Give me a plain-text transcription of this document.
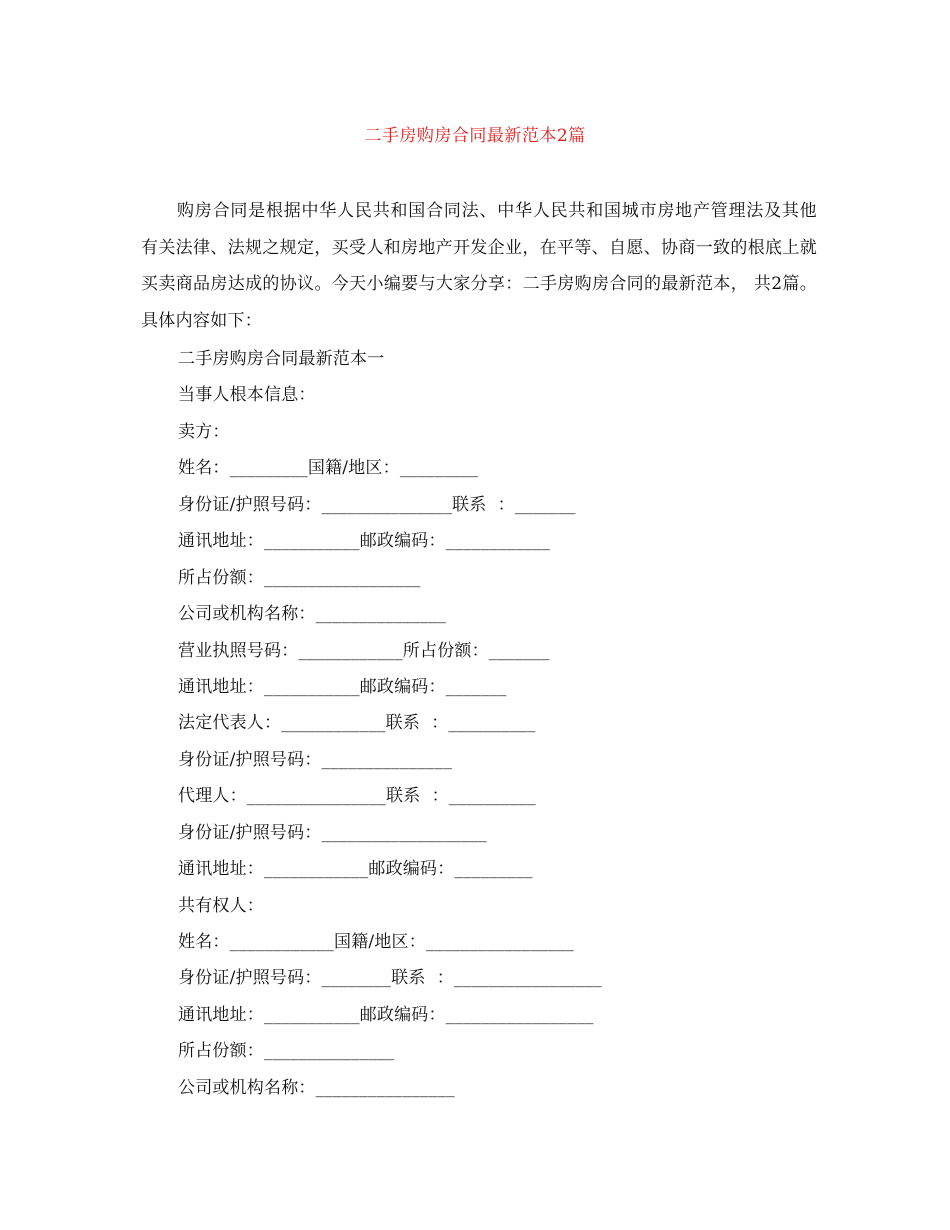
二手房购房合同最新范本2篇

购房合同是根据中华人民共和国合同法、中华人民共和国城市房地产管理法及其他有关法律、法规之规定，买受人和房地产开发企业，在平等、自愿、协商一致的根底上就买卖商品房达成的协议。今天小编要与大家分享：二手房购房合同的最新范本， 共2篇。具体内容如下：

二手房购房合同最新范本一
当事人根本信息：
卖方：
姓名：_________国籍/地区：_________
身份证/护照号码：_______________联系  ：_______
通讯地址：___________邮政编码：____________
所占份额：__________________
公司或机构名称：_______________
营业执照号码：____________所占份额：_______
通讯地址：___________邮政编码：_______
法定代表人：____________联系  ：__________
身份证/护照号码：_______________
代理人：________________联系  ：__________
身份证/护照号码：___________________
通讯地址：____________邮政编码：_________
共有权人：
姓名：____________国籍/地区：_________________
身份证/护照号码：________联系  ：_________________
通讯地址：___________邮政编码：_________________
所占份额：_______________
公司或机构名称：________________
